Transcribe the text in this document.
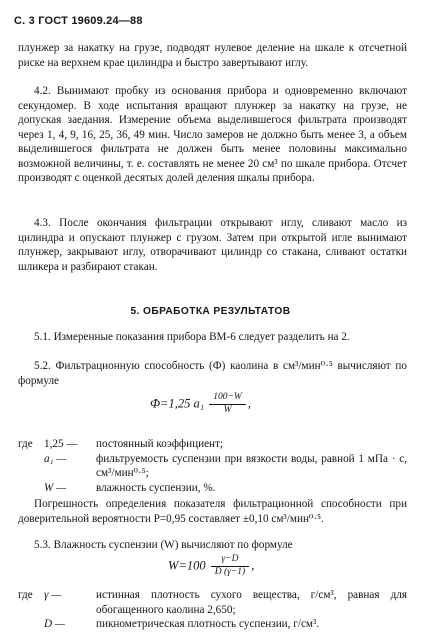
С. 3 ГОСТ 19609.24—88
плунжер за накатку на грузе, подводят нулевое деление на шкале к отсчетной риске на верхнем крае цилиндра и быстро завертывают иглу.
4.2. Вынимают пробку из основания прибора и одновременно включают секундомер. В ходе испытания вращают плунжер за накатку на грузе, не допуская заедания. Измерение объема выделившегося фильтрата производят через 1, 4, 9, 16, 25, 36, 49 мин. Число замеров не должно быть менее 3, а объем выделившегося фильтрата не должен быть менее половины максимально возможной величины, т. е. составлять не менее 20 см³ по шкале прибора. Отсчет производят с оценкой десятых долей деления шкалы прибора.
4.3. После окончания фильтрации открывают иглу, сливают масло из цилиндра и опускают плунжер с грузом. Затем при открытой игле вынимают плунжер, закрывают иглу, отворачивают цилиндр со стакана, сливают остатки шликера и разбирают стакан.
5. ОБРАБОТКА РЕЗУЛЬТАТОВ
5.1. Измеренные показания прибора ВМ-6 следует разделить на 2.
5.2. Фильтрационную способность (Ф) каолина в см³/мин⁰·⁵ вычисляют по формуле
Ф=1,25 $a_1 \frac{100-W}{W}$ ,
где 1,25 —	постоянный коэффициент;
a₁ —	фильтруемость суспензии при вязкости воды, равной 1 мПа · с, см³/мин⁰·⁵;
W —	влажность суспензии, %.
Погрешность определения показателя фильтрационной способности при доверительной вероятности P=0,95 составляет ±0,10 см³/мин⁰·⁵.
5.3. Влажность суспензии (W) вычисляют по формуле
$W=100 \frac{\gamma-D}{D (\gamma-1)}$ ,
где γ —	истинная плотность сухого вещества, г/см³, равная для обогащенного каолина 2,650;
D —	пикнометрическая плотность суспензии, г/см³.
